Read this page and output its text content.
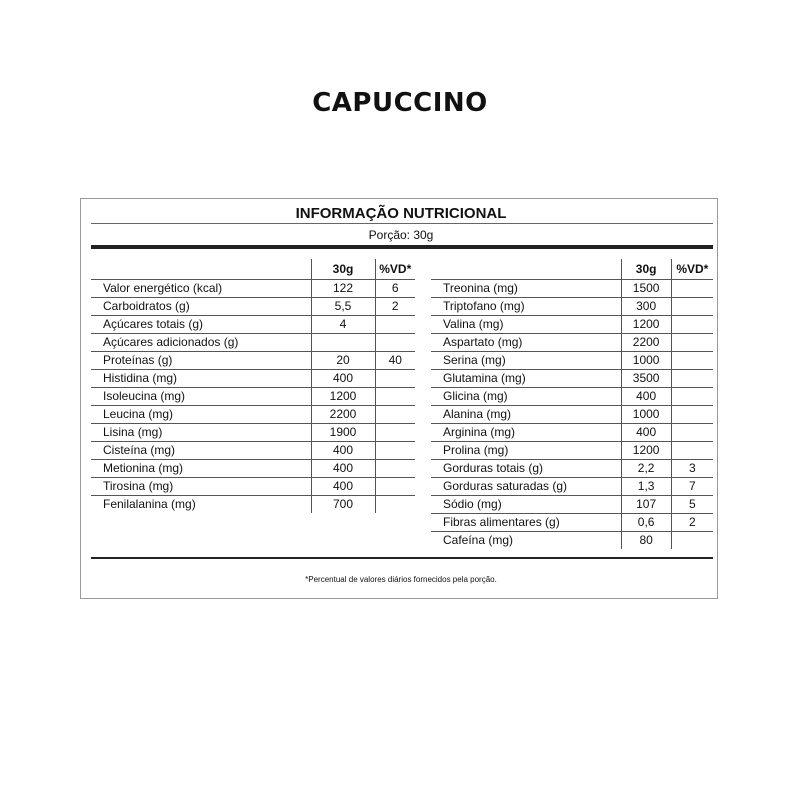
CAPUCCINO
INFORMAÇÃO NUTRICIONAL
Porção: 30g
	30g	%VD*
Valor energético (kcal)	122	6
Carboidratos (g)	5,5	2
Açúcares totais (g)	4	
Açúcares adicionados (g)		
Proteínas (g)	20	40
Histidina (mg)	400	
Isoleucina (mg)	1200	
Leucina (mg)	2200	
Lisina (mg)	1900	
Cisteína (mg)	400	
Metionina (mg)	400	
Tirosina (mg)	400	
Fenilalanina (mg)	700	
	30g	%VD*
Treonina (mg)	1500	
Triptofano (mg)	300	
Valina (mg)	1200	
Aspartato (mg)	2200	
Serina (mg)	1000	
Glutamina (mg)	3500	
Glicina (mg)	400	
Alanina (mg)	1000	
Arginina (mg)	400	
Prolina (mg)	1200	
Gorduras totais (g)	2,2	3
Gorduras saturadas (g)	1,3	7
Sódio (mg)	107	5
Fibras alimentares (g)	0,6	2
Cafeína (mg)	80	
*Percentual de valores diários fornecidos pela porção.
